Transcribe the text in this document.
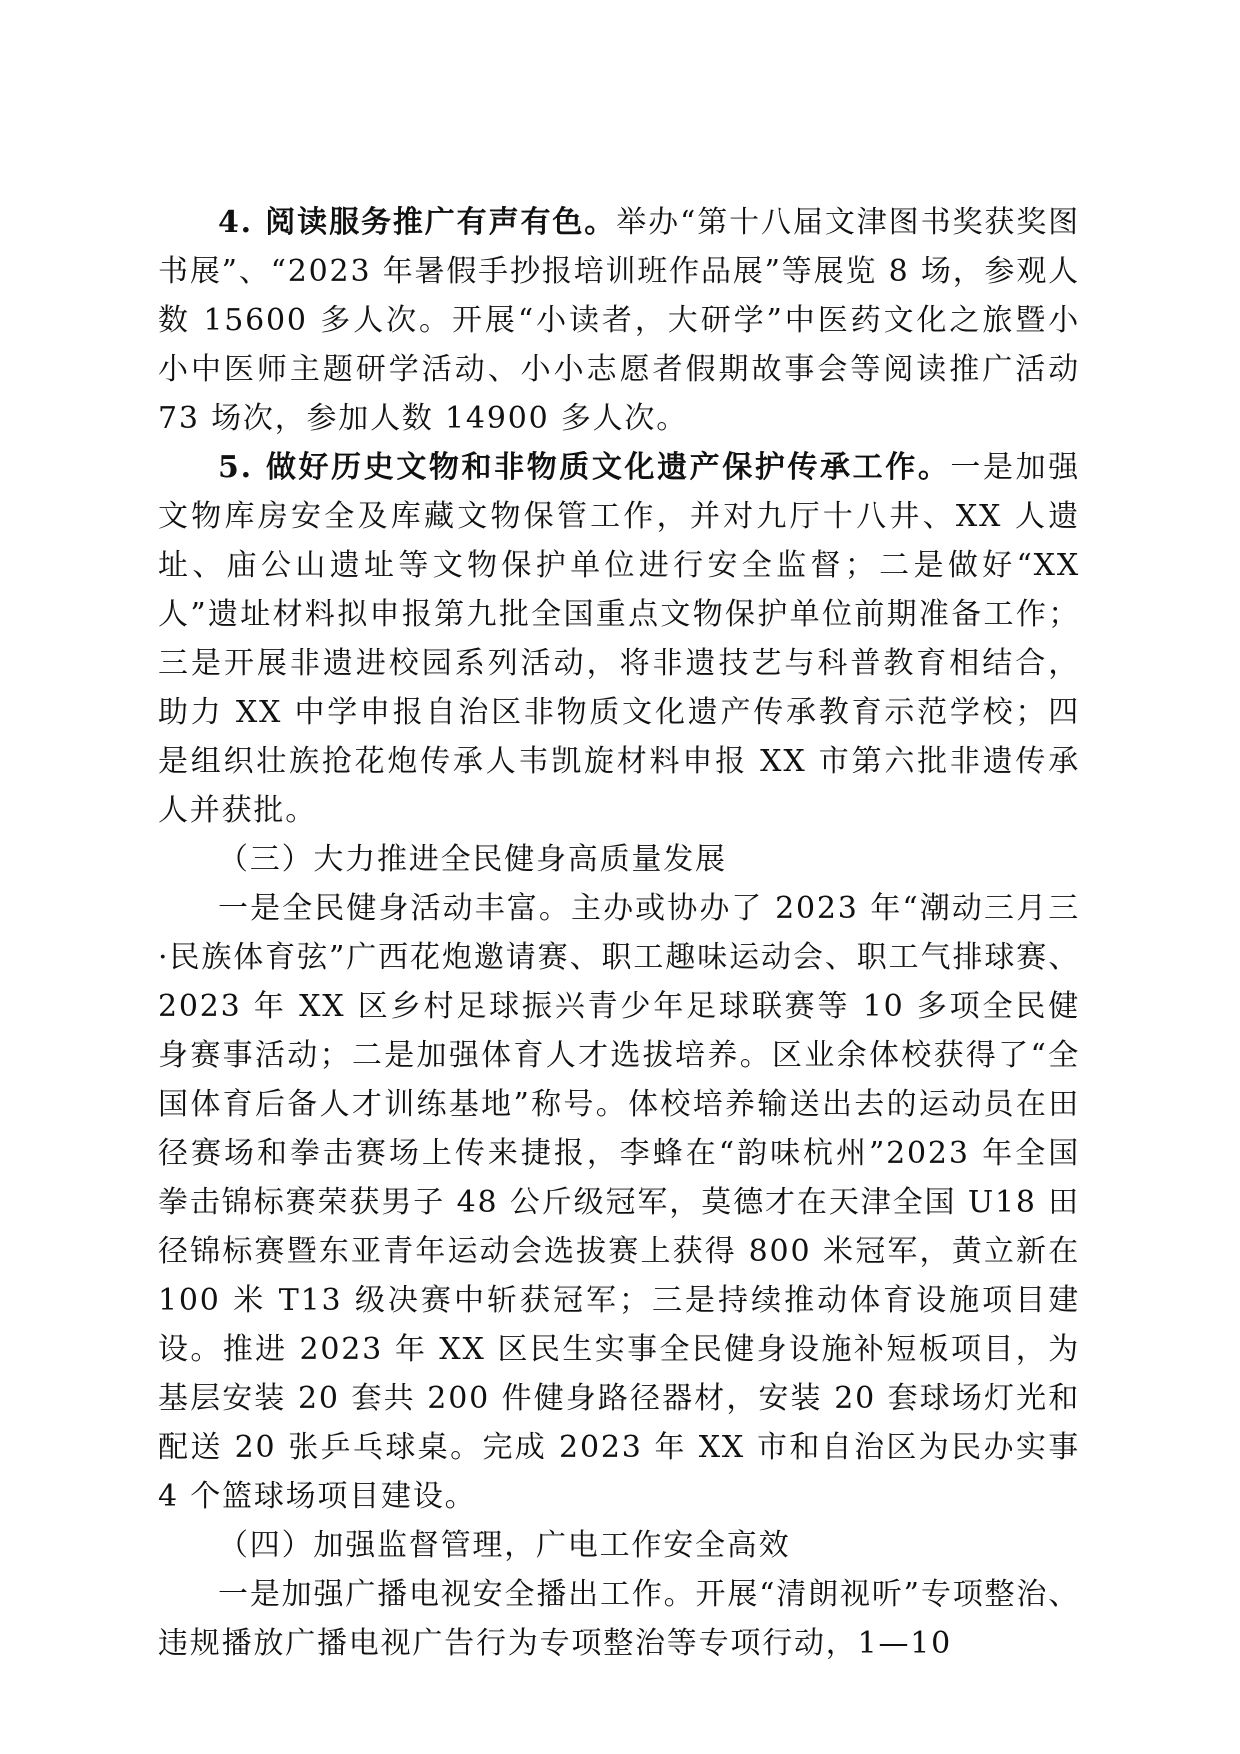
4. 阅读服务推广有声有色。举办“第十八届文津图书奖获奖图书展”、“2023 年暑假手抄报培训班作品展”等展览 8 场，参观人数 15600 多人次。开展“小读者，大研学”中医药文化之旅暨小小中医师主题研学活动、小小志愿者假期故事会等阅读推广活动 73 场次，参加人数 14900 多人次。

5. 做好历史文物和非物质文化遗产保护传承工作。一是加强文物库房安全及库藏文物保管工作，并对九厅十八井、XX 人遗址、庙公山遗址等文物保护单位进行安全监督；二是做好“XX 人”遗址材料拟申报第九批全国重点文物保护单位前期准备工作；三是开展非遗进校园系列活动，将非遗技艺与科普教育相结合，助力 XX 中学申报自治区非物质文化遗产传承教育示范学校；四是组织壮族抢花炮传承人韦凯旋材料申报 XX 市第六批非遗传承人并获批。

（三）大力推进全民健身高质量发展

一是全民健身活动丰富。主办或协办了 2023 年“潮动三月三·民族体育弦”广西花炮邀请赛、职工趣味运动会、职工气排球赛、2023 年 XX 区乡村足球振兴青少年足球联赛等 10 多项全民健身赛事活动；二是加强体育人才选拔培养。区业余体校获得了“全国体育后备人才训练基地”称号。体校培养输送出去的运动员在田径赛场和拳击赛场上传来捷报，李蜂在“韵味杭州”2023 年全国拳击锦标赛荣获男子 48 公斤级冠军，莫德才在天津全国 U18 田径锦标赛暨东亚青年运动会选拔赛上获得 800 米冠军，黄立新在 100 米 T13 级决赛中斩获冠军；三是持续推动体育设施项目建设。推进 2023 年 XX 区民生实事全民健身设施补短板项目，为基层安装 20 套共 200 件健身路径器材，安装 20 套球场灯光和配送 20 张乒乓球桌。完成 2023 年 XX 市和自治区为民办实事 4 个篮球场项目建设。

（四）加强监督管理，广电工作安全高效

一是加强广播电视安全播出工作。开展“清朗视听”专项整治、违规播放广播电视广告行为专项整治等专项行动，1—10
